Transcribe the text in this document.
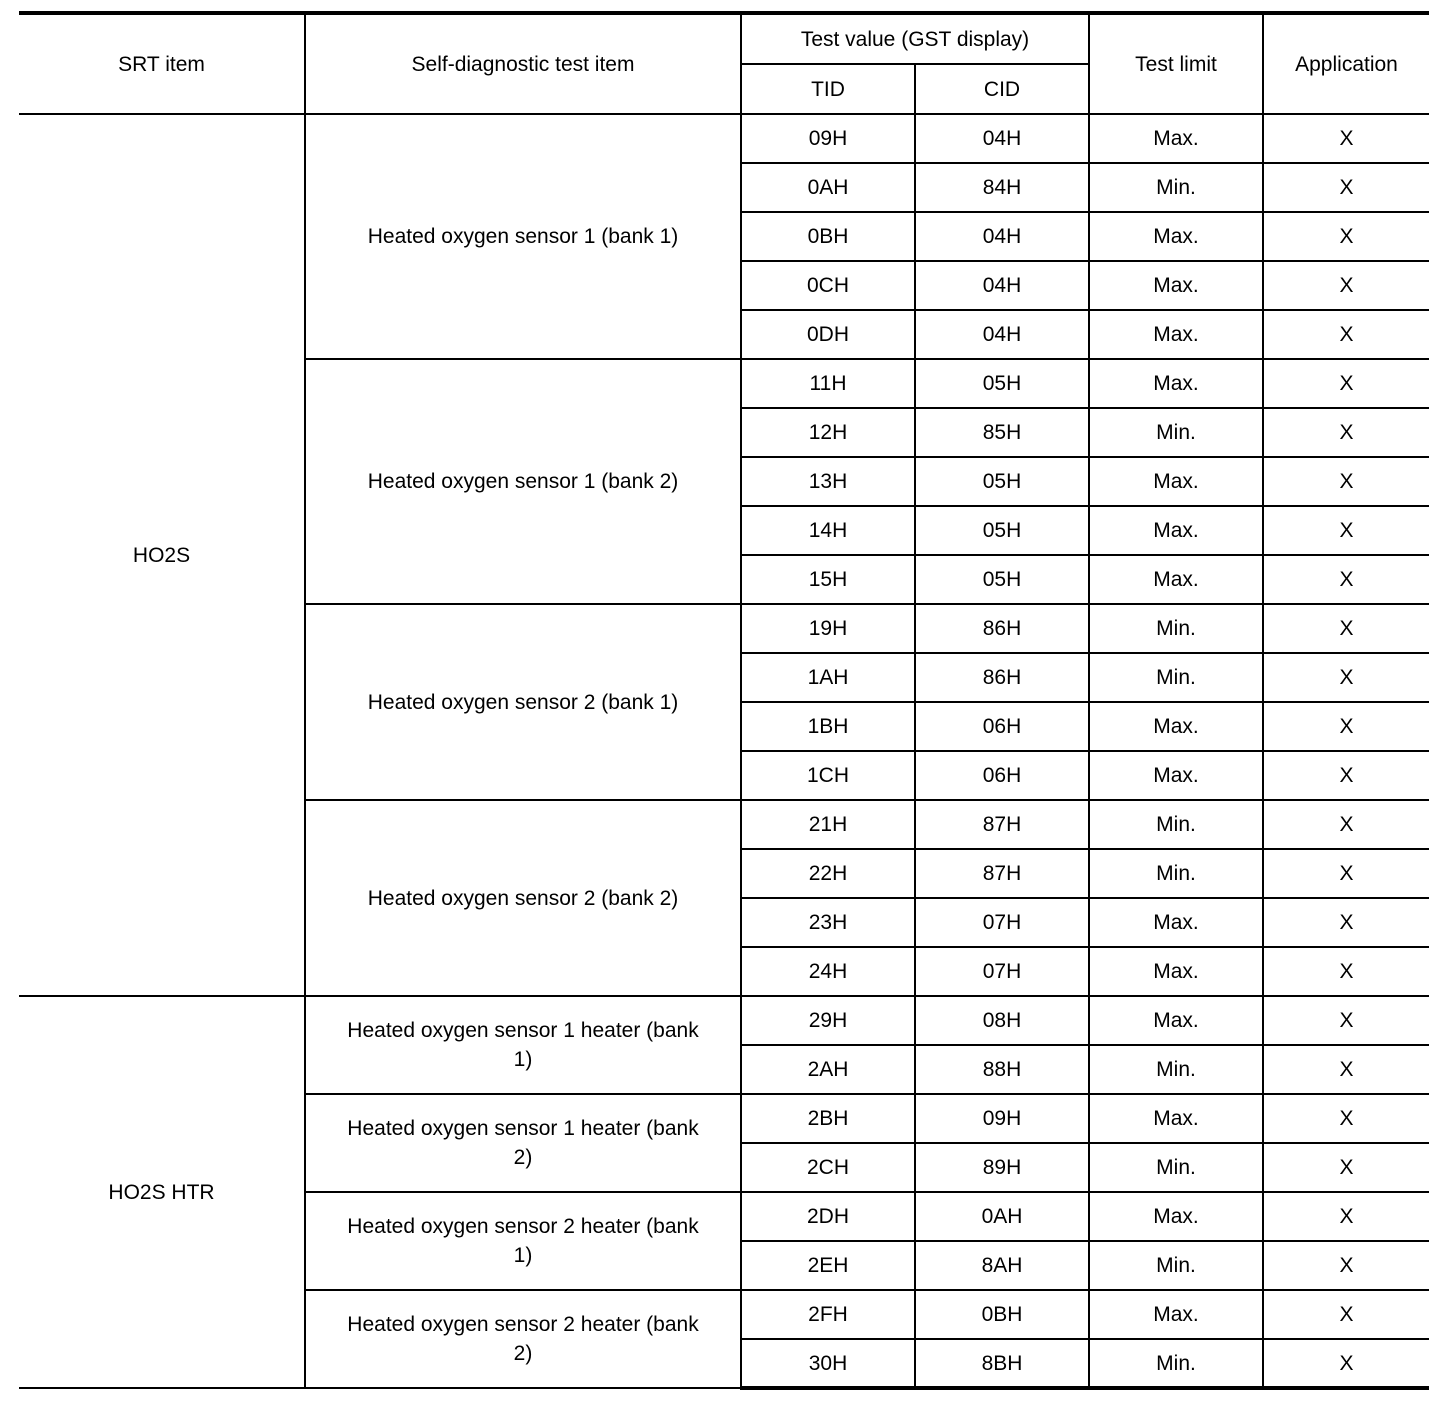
SRT item	Self-diagnostic test item	Test value (GST display)		Test limit	Application
		TID	CID		
HO2S	Heated oxygen sensor 1 (bank 1)	09H	04H	Max.	X
		0AH	84H	Min.	X
		0BH	04H	Max.	X
		0CH	04H	Max.	X
		0DH	04H	Max.	X
	Heated oxygen sensor 1 (bank 2)	11H	05H	Max.	X
		12H	85H	Min.	X
		13H	05H	Max.	X
		14H	05H	Max.	X
		15H	05H	Max.	X
	Heated oxygen sensor 2 (bank 1)	19H	86H	Min.	X
		1AH	86H	Min.	X
		1BH	06H	Max.	X
		1CH	06H	Max.	X
	Heated oxygen sensor 2 (bank 2)	21H	87H	Min.	X
		22H	87H	Min.	X
		23H	07H	Max.	X
		24H	07H	Max.	X
HO2S HTR	Heated oxygen sensor 1 heater (bank 1)	29H	08H	Max.	X
		2AH	88H	Min.	X
	Heated oxygen sensor 1 heater (bank 2)	2BH	09H	Max.	X
		2CH	89H	Min.	X
	Heated oxygen sensor 2 heater (bank 1)	2DH	0AH	Max.	X
		2EH	8AH	Min.	X
	Heated oxygen sensor 2 heater (bank 2)	2FH	0BH	Max.	X
		30H	8BH	Min.	X
